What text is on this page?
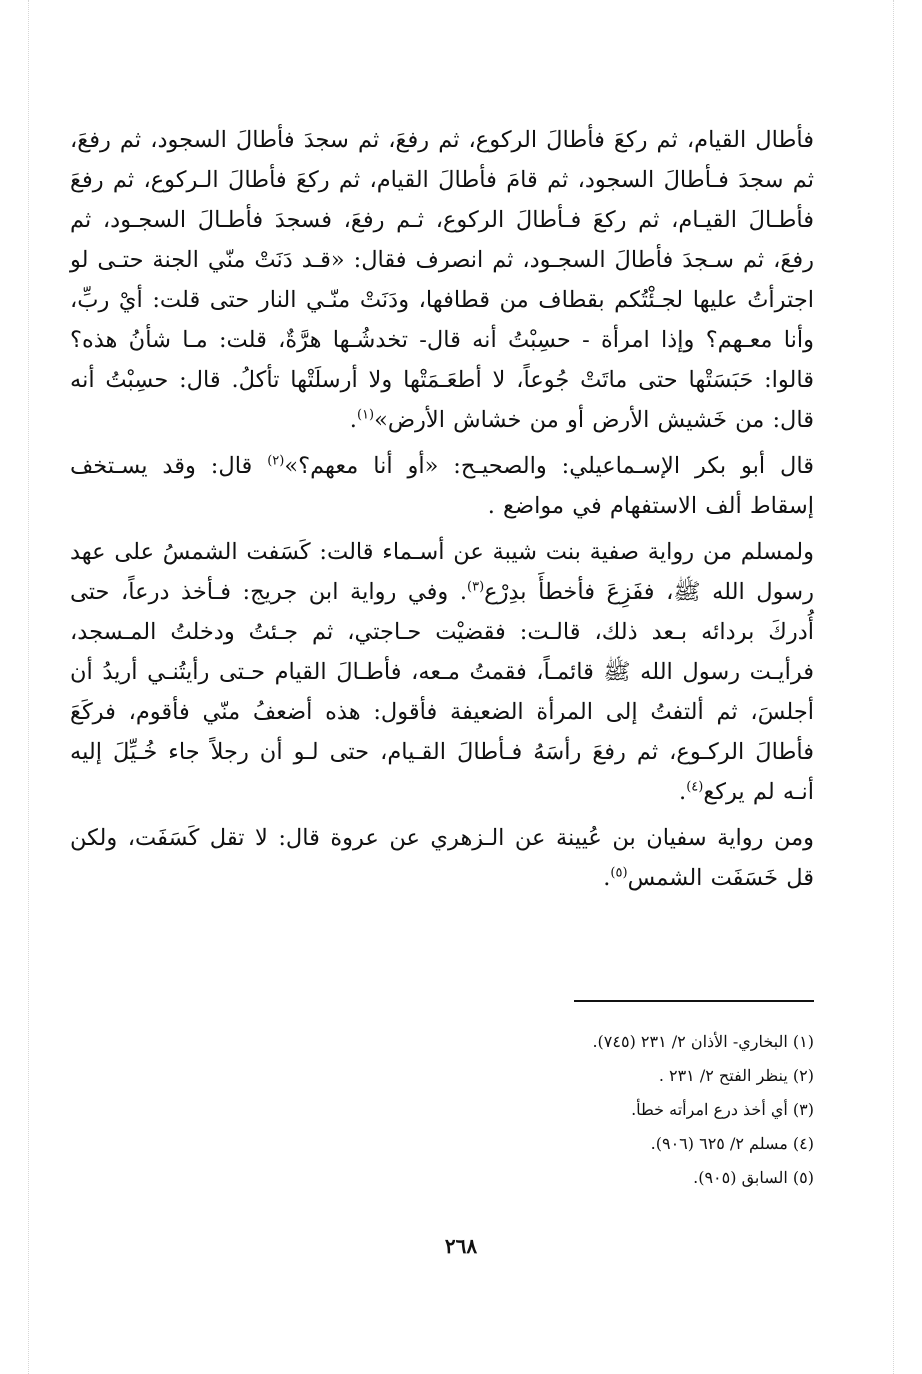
فأطال القيام، ثم ركعَ فأطالَ الركوع، ثم رفعَ، ثم سجدَ فأطالَ السجود، ثم رفعَ، ثم سجدَ فـأطالَ السجود، ثم قامَ فأطالَ القيام، ثم ركعَ فأطالَ الـركوع، ثم رفعَ فأطـالَ القيـام، ثم ركعَ فـأطالَ الركوع، ثـم رفعَ، فسجدَ فأطـالَ السجـود، ثم رفعَ، ثم سـجدَ فأطالَ السجـود، ثم انصرف فقال: «قـد دَنَتْ منّي الجنة حتـى لو اجترأتُ عليها لجـئْتُكم بقطاف من قطافها، ودَنَتْ منّـي النار حتى قلت: أيْ ربِّ، وأنا معـهم؟ وإذا امرأة - حسِبْتُ أنه قال- تخدشُـها هرَّةٌ، قلت: مـا شأنُ هذه؟ قالوا: حَبَسَتْها حتى ماتَتْ جُوعاً، لا أطعَـمَتْها ولا أرسلَتْها تأكلُ. قال: حسِبْتُ أنه قال: من خَشيش الأرض أو من خشاش الأرض»$^{(١)}$.

قال أبو بكر الإسـماعيلي: والصحيـح: «أو أنا معهم؟»$^{(٢)}$ قال: وقد يسـتخف إسقاط ألف الاستفهام في مواضع .

ولمسلم من رواية صفية بنت شيبة عن أسـماء قالت: كَسَفت الشمسُ على عهد رسول الله ﷺ، ففَزِعَ فأخطأَ بدِرْع$^{(٣)}$. وفي رواية ابن جريج: فـأخذ درعاً، حتى أُدركَ بردائه بـعد ذلك، قالـت: فقضيْت حـاجتي، ثم جـئتُ ودخلتُ المـسجد، فرأيـت رسول الله ﷺ قائمـاً، فقمتُ مـعه، فأطـالَ القيام حـتى رأيتُنـي أريدُ أن أجلسَ، ثم ألتفتُ إلى المرأة الضعيفة فأقول: هذه أضعفُ منّي فأقوم، فركَعَ فأطالَ الركـوع، ثم رفعَ رأسَهُ فـأطالَ القـيام، حتى لـو أن رجلاً جاء خُـيِّلَ إليه أنـه لم يركع$^{(٤)}$.

ومن رواية سفيان بن عُيينة عن الـزهري عن عروة قال: لا تقل كَسَفَت، ولكن قل خَسَفَت الشمس$^{(٥)}$.

(١) البخاري- الأذان ٢/ ٢٣١ (٧٤٥).

(٢) ينظر الفتح ٢/ ٢٣١ .

(٣) أي أخذ درع امرأته خطأ.

(٤) مسلم ٢/ ٦٢٥ (٩٠٦).

(٥) السابق (٩٠٥).

٢٦٨
